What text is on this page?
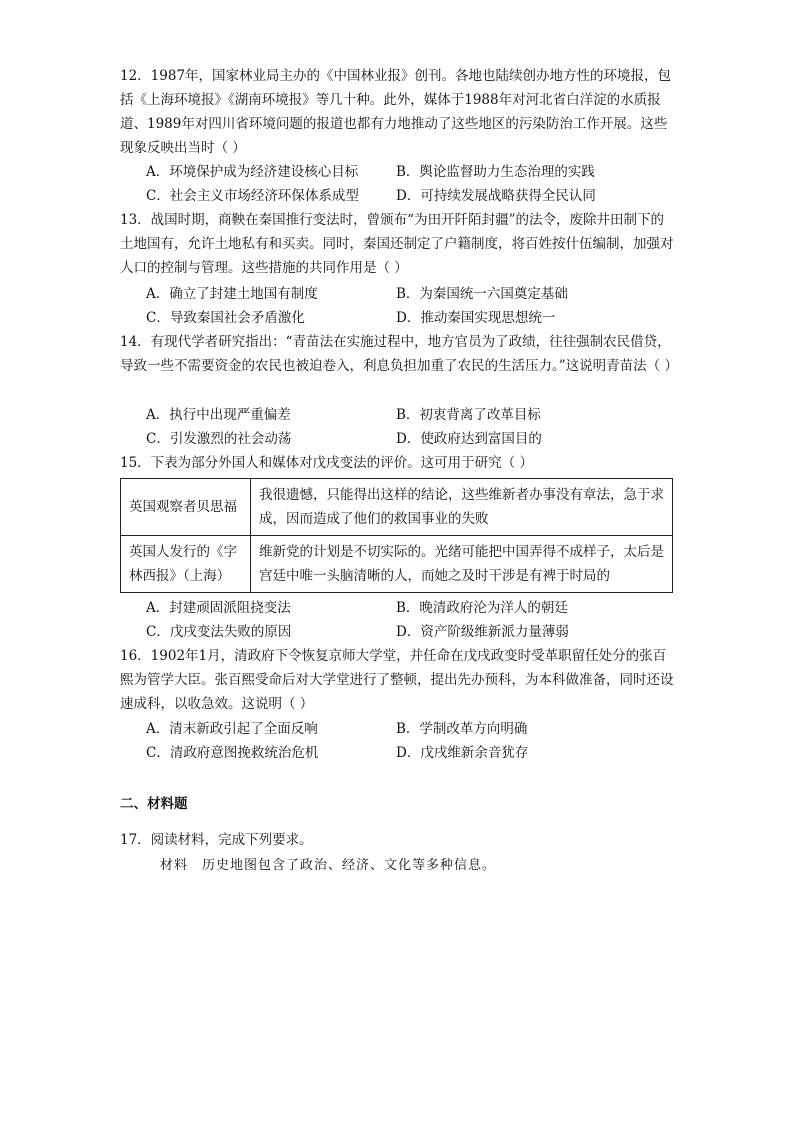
12．1987年，国家林业局主办的《中国林业报》创刊。各地也陆续创办地方性的环境报，包括《上海环境报》《湖南环境报》等几十种。此外，媒体于1988年对河北省白洋淀的水质报道、1989年对四川省环境问题的报道也都有力地推动了这些地区的污染防治工作开展。这些现象反映出当时（ ）

A．环境保护成为经济建设核心目标	B．舆论监督助力生态治理的实践
C．社会主义市场经济环保体系成型	D．可持续发展战略获得全民认同

13．战国时期，商鞅在秦国推行变法时，曾颁布“为田开阡陌封疆”的法令，废除井田制下的土地国有，允许土地私有和买卖。同时，秦国还制定了户籍制度，将百姓按什伍编制，加强对人口的控制与管理。这些措施的共同作用是（ ）

A．确立了封建土地国有制度	B．为秦国统一六国奠定基础
C．导致秦国社会矛盾激化	D．推动秦国实现思想统一

14．有现代学者研究指出：“青苗法在实施过程中，地方官员为了政绩，往往强制农民借贷，导致一些不需要资金的农民也被迫卷入，利息负担加重了农民的生活压力。”这说明青苗法（ ）

A．执行中出现严重偏差	B．初衷背离了改革目标
C．引发激烈的社会动荡	D．使政府达到富国目的

15．下表为部分外国人和媒体对戊戌变法的评价。这可用于研究（ ）

英国观察者贝思福	我很遗憾，只能得出这样的结论，这些维新者办事没有章法，急于求成，因而造成了他们的救国事业的失败
英国人发行的《字林西报》（上海）	维新党的计划是不切实际的。光绪可能把中国弄得不成样子，太后是宫廷中唯一头脑清晰的人，而她之及时干涉是有裨于时局的
A．封建顽固派阻挠变法	B．晚清政府沦为洋人的朝廷
C．戊戌变法失败的原因	D．资产阶级维新派力量薄弱

16．1902年1月，清政府下令恢复京师大学堂，并任命在戊戌政变时受革职留任处分的张百熙为管学大臣。张百熙受命后对大学堂进行了整顿，提出先办预科，为本科做准备，同时还设速成科，以收急效。这说明（ ）

A．清末新政引起了全面反响	B．学制改革方向明确
C．清政府意图挽救统治危机	D．戊戌维新余音犹存
二、材料题

17．阅读材料，完成下列要求。

材料　历史地图包含了政治、经济、文化等多种信息。
